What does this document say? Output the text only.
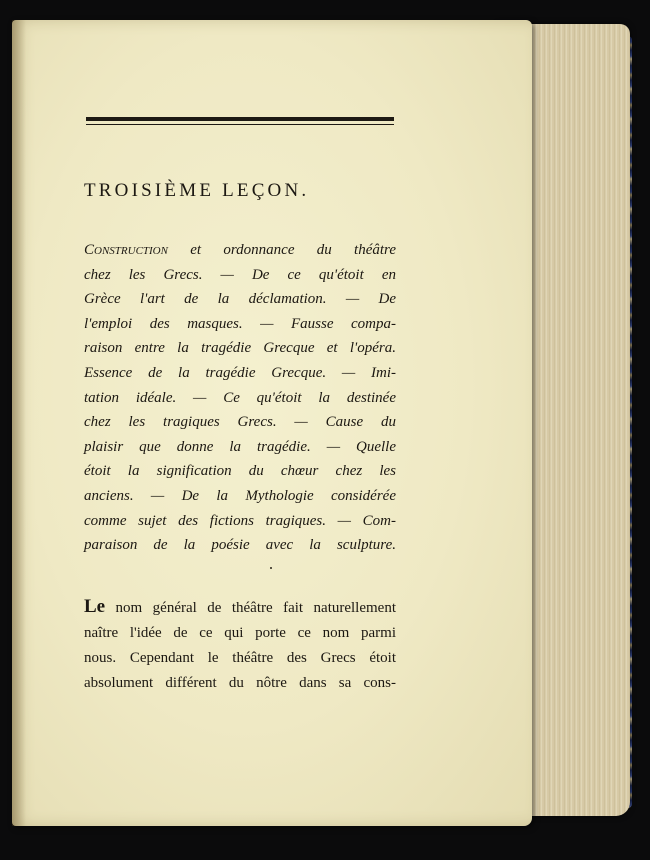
TROISIÈME LEÇON.
Construction et ordonnance du théâtre
chez les Grecs. — De ce qu'étoit en
Grèce l'art de la déclamation. — De
l'emploi des masques. — Fausse compa-
raison entre la tragédie Grecque et l'opéra.
Essence de la tragédie Grecque. — Imi-
tation idéale. — Ce qu'étoit la destinée
chez les tragiques Grecs. — Cause du
plaisir que donne la tragédie. — Quelle
étoit la signification du chœur chez les
anciens. — De la Mythologie considérée
comme sujet des fictions tragiques. — Com-
paraison de la poésie avec la sculpture.
Le nom général de théâtre fait naturellement
naître l'idée de ce qui porte ce nom parmi
nous. Cependant le théâtre des Grecs étoit
absolument différent du nôtre dans sa cons-
